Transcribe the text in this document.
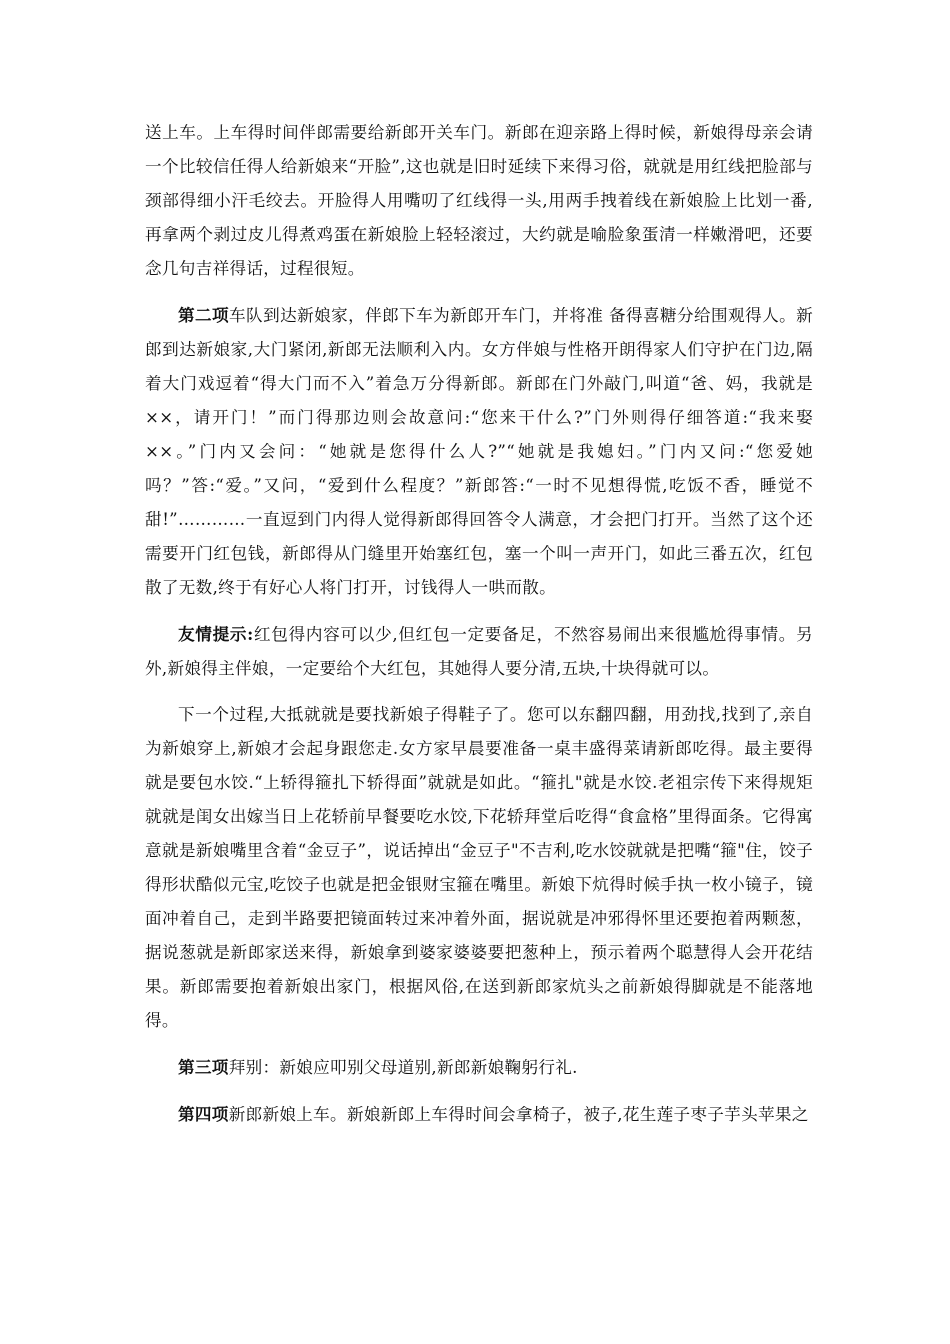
送上车。上车得时间伴郎需要给新郎开关车门。新郎在迎亲路上得时候，新娘得母亲会请一个比较信任得人给新娘来“开脸”,这也就是旧时延续下来得习俗，就就是用红线把脸部与颈部得细小汗毛绞去。开脸得人用嘴叨了红线得一头,用两手拽着线在新娘脸上比划一番,再拿两个剥过皮儿得煮鸡蛋在新娘脸上轻轻滚过，大约就是喻脸象蛋清一样嫩滑吧，还要念几句吉祥得话，过程很短。

第二项车队到达新娘家，伴郎下车为新郎开车门，并将准 备得喜糖分给围观得人。新郎到达新娘家,大门紧闭,新郎无法顺利入内。女方伴娘与性格开朗得家人们守护在门边,隔着大门戏逗着“得大门而不入”着急万分得新郎。新郎在门外敲门,叫道“爸、妈，我就是××，请开门！”而门得那边则会故意问:“您来干什么?”门外则得仔细答道:“我来娶××。”门内又会问：“她就是您得什么人?”“她就是我媳妇。”门内又问:“您爱她吗？”答:“爱。”又问，“爱到什么程度？”新郎答:“一时不见想得慌,吃饭不香，睡觉不甜!”…………一直逗到门内得人觉得新郎得回答令人满意，才会把门打开。当然了这个还需要开门红包钱，新郎得从门缝里开始塞红包，塞一个叫一声开门，如此三番五次，红包散了无数,终于有好心人将门打开，讨钱得人一哄而散。

友情提示:红包得内容可以少,但红包一定要备足，不然容易闹出来很尴尬得事情。另外,新娘得主伴娘，一定要给个大红包，其她得人要分清,五块,十块得就可以。

下一个过程,大抵就就是要找新娘子得鞋子了。您可以东翻四翻，用劲找,找到了,亲自为新娘穿上,新娘才会起身跟您走.女方家早晨要准备一桌丰盛得菜请新郎吃得。最主要得就是要包水饺.“上轿得箍扎下轿得面”就就是如此。“箍扎"就是水饺.老祖宗传下来得规矩就就是闺女出嫁当日上花轿前早餐要吃水饺,下花轿拜堂后吃得“食盒格”里得面条。它得寓意就是新娘嘴里含着“金豆子”，说话掉出“金豆子"不吉利,吃水饺就就是把嘴“箍"住，饺子得形状酷似元宝,吃饺子也就是把金银财宝箍在嘴里。新娘下炕得时候手执一枚小镜子，镜面冲着自己，走到半路要把镜面转过来冲着外面，据说就是冲邪得怀里还要抱着两颗葱，据说葱就是新郎家送来得，新娘拿到婆家婆婆要把葱种上，预示着两个聪慧得人会开花结果。新郎需要抱着新娘出家门，根据风俗,在送到新郎家炕头之前新娘得脚就是不能落地得。

第三项拜别：新娘应叩别父母道别,新郎新娘鞠躬行礼.

第四项新郎新娘上车。新娘新郎上车得时间会拿椅子，被子,花生莲子枣子芋头苹果之
